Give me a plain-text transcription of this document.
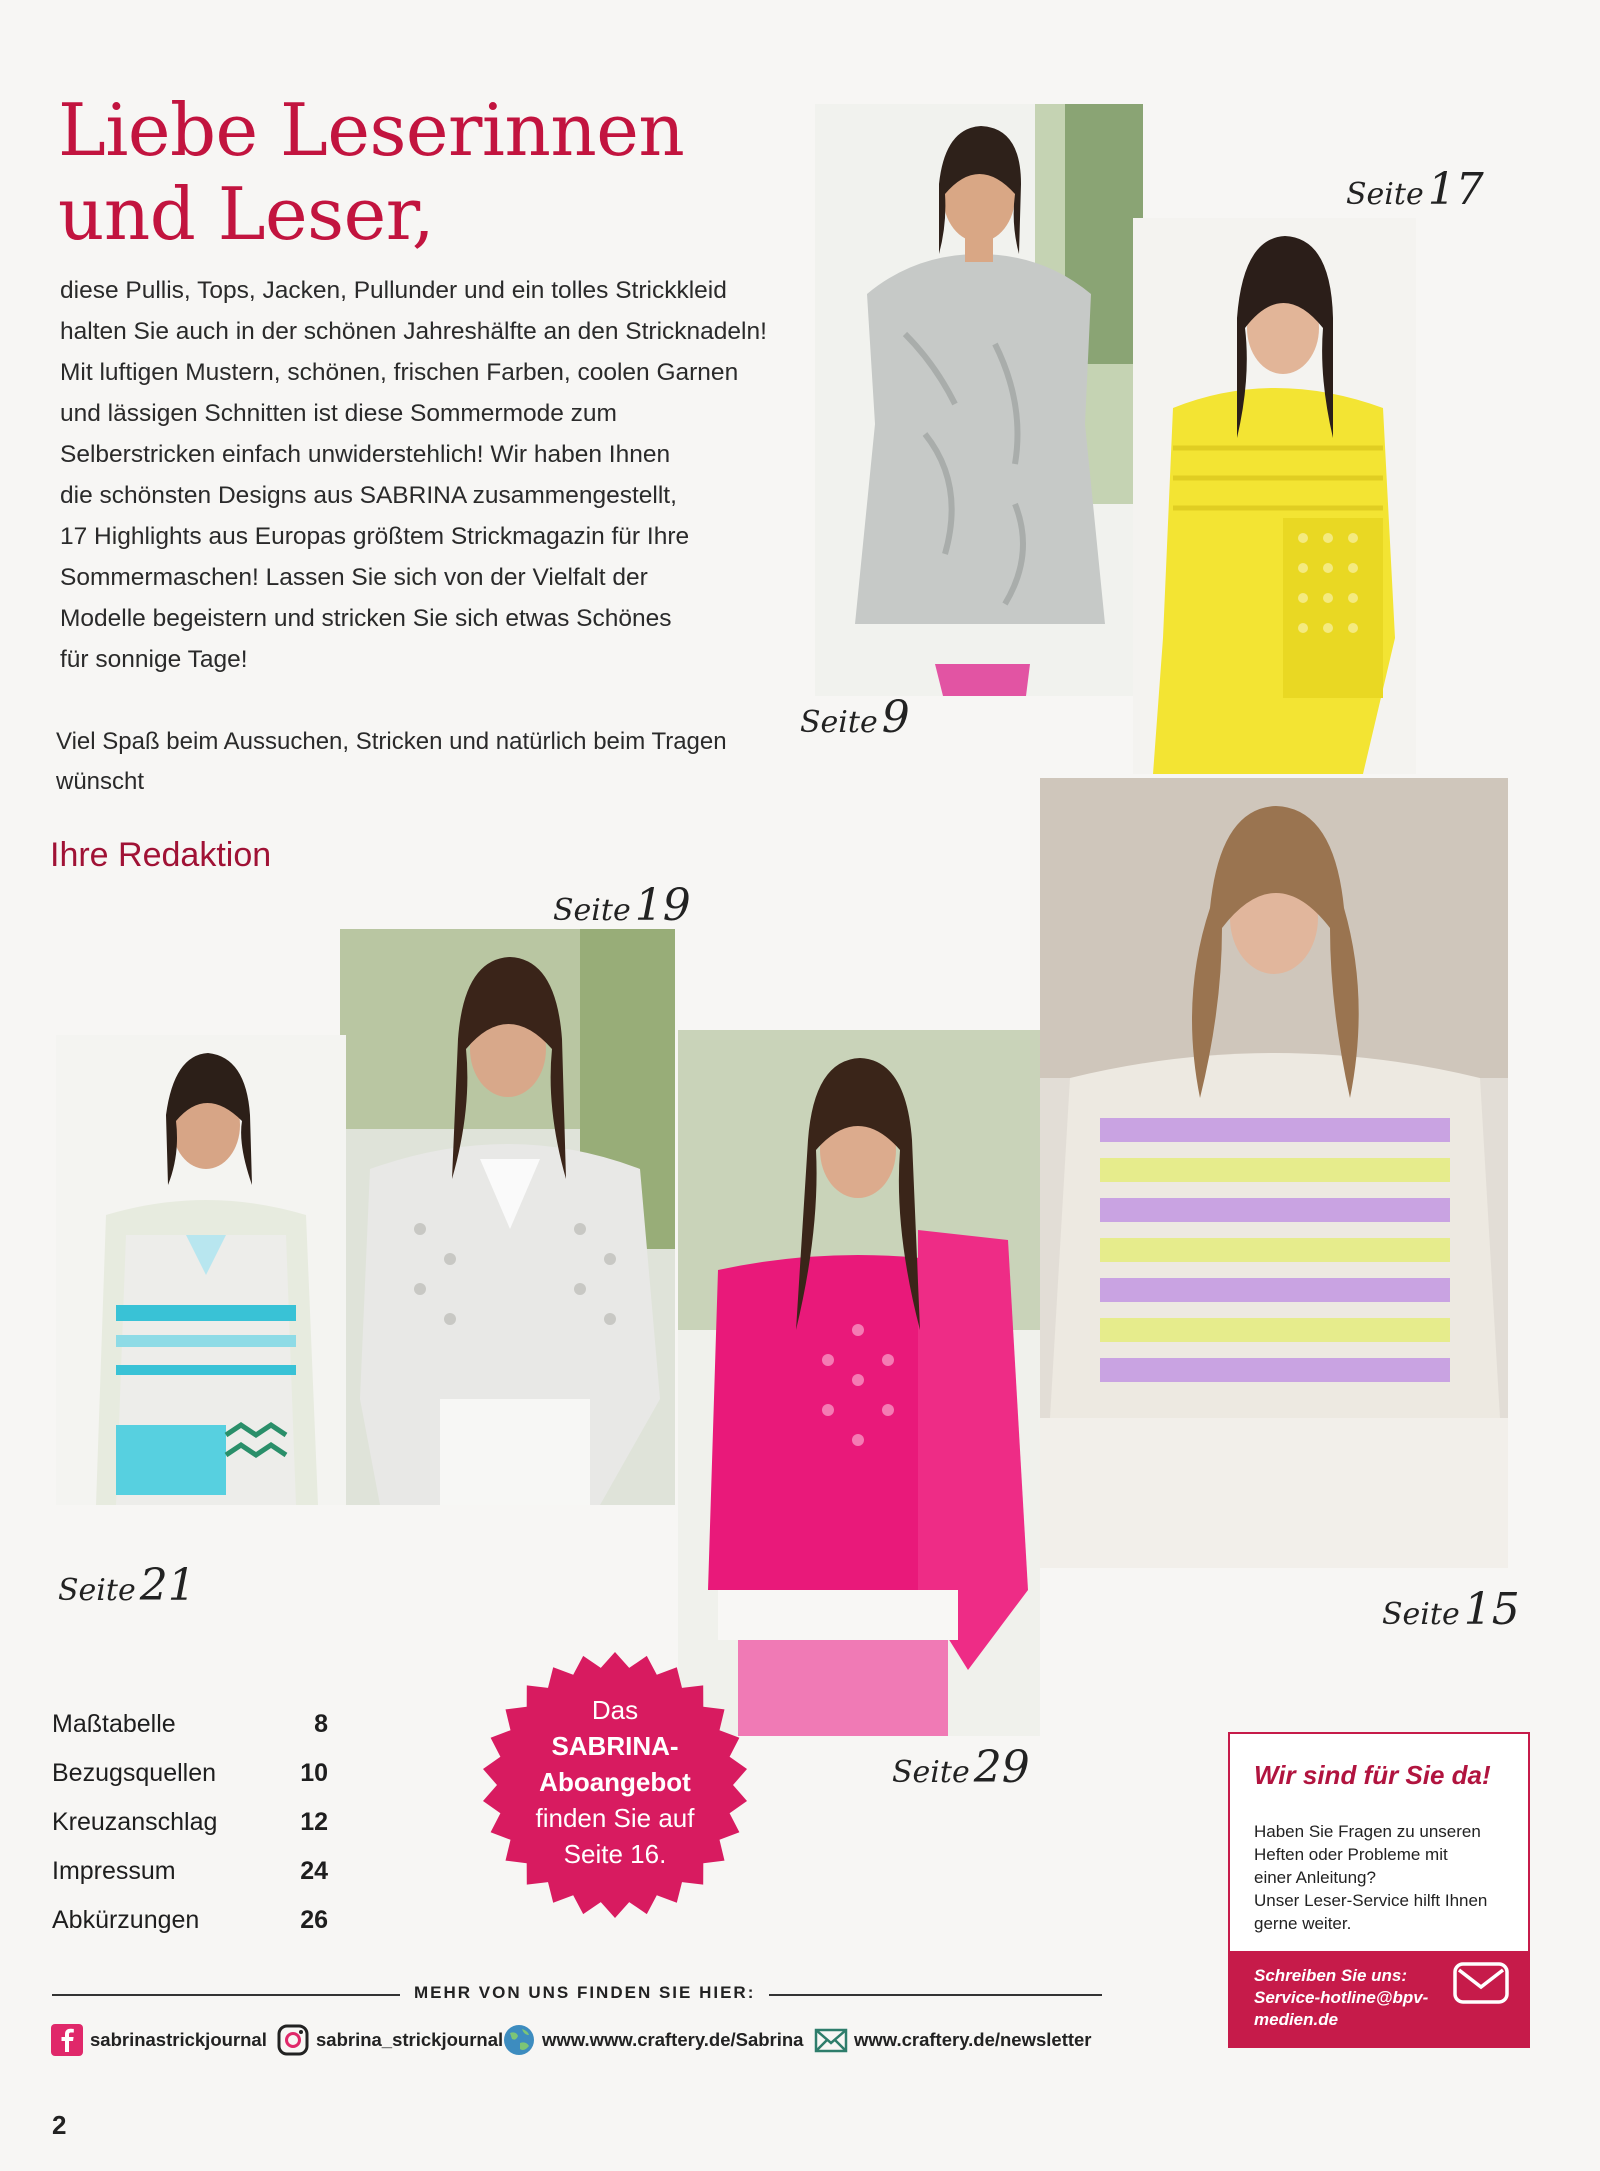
Liebe Leserinnen
und Leser,
diese Pullis, Tops, Jacken, Pullunder und ein tolles Strickkleid
halten Sie auch in der schönen Jahreshälfte an den Stricknadeln!
Mit luftigen Mustern, schönen, frischen Farben, coolen Garnen
und lässigen Schnitten ist diese Sommermode zum
Selberstricken einfach unwiderstehlich! Wir haben Ihnen
die schönsten Designs aus SABRINA zusammengestellt,
17 Highlights aus Europas größtem Strickmagazin für Ihre
Sommermaschen! Lassen Sie sich von der Vielfalt der
Modelle begeistern und stricken Sie sich etwas Schönes
für sonnige Tage!
Viel Spaß beim Aussuchen, Stricken und natürlich beim Tragen
wünscht
Ihre Redaktion
Seite9
Seite17
Seite19
Seite21
Seite29
Seite15
Maßtabelle	8
Bezugsquellen	10
Kreuzanschlag	12
Impressum	24
Abkürzungen	26
Das
SABRINA-
Aboangebot
finden Sie auf
Seite 16.
Wir sind für Sie da!
Haben Sie Fragen zu unseren
Heften oder Probleme mit
einer Anleitung?
Unser Leser-Service hilft Ihnen
gerne weiter.
Schreiben Sie uns:
Service-hotline@bpv-
medien.de
MEHR VON UNS FINDEN SIE HIER:
sabrinastrickjournal	sabrina_strickjournal www.www.craftery.de/Sabrina	www.craftery.de/newsletter
2
